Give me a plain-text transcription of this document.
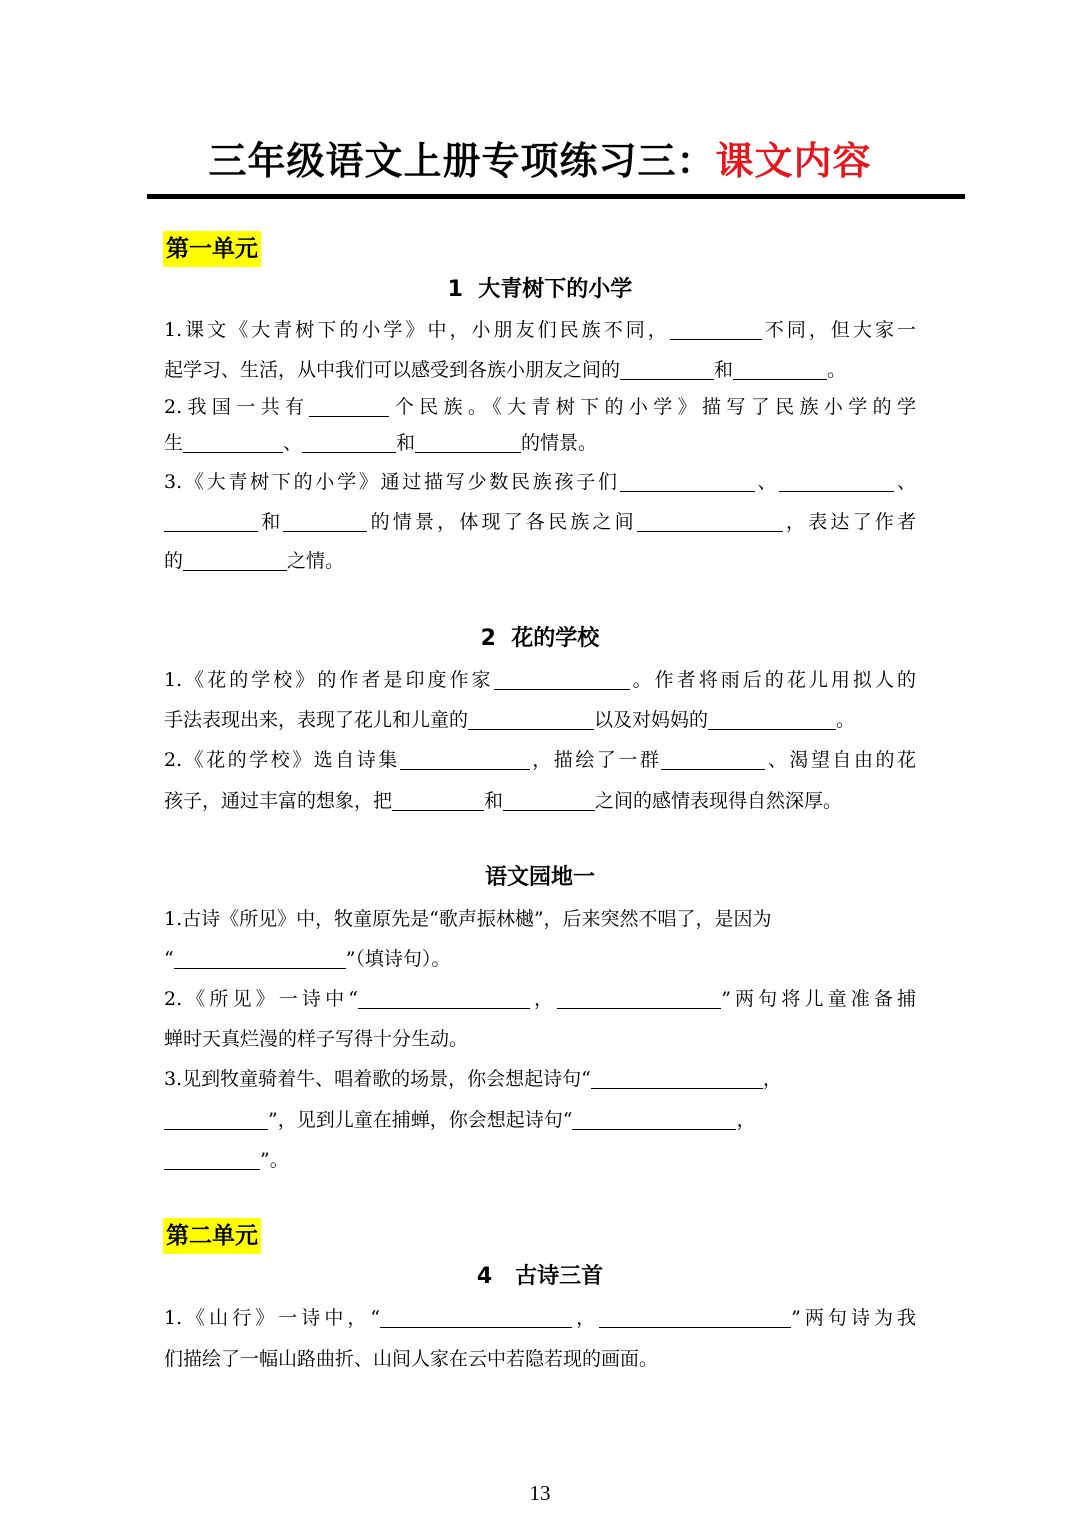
三年级语文上册专项练习三：课文内容
第一单元
1  大青树下的小学
1.课文《大青树下的小学》中，小朋友们民族不同，	不同，但大家一
起学习、生活，从中我们可以感受到各族小朋友之间的	和	。
2.我国一共有	个民族。《大青树下的小学》描写了民族小学的学
生	、	和	的情景。
3.《大青树下的小学》通过描写少数民族孩子们	、	、
和	的情景，体现了各民族之间	，表达了作者
的	之情。
2  花的学校
1.《花的学校》的作者是印度作家	。作者将雨后的花儿用拟人的
手法表现出来，表现了花儿和儿童的	以及对妈妈的	。
2.《花的学校》选自诗集	，描绘了一群	、渴望自由的花
孩子，通过丰富的想象，把	和	之间的感情表现得自然深厚。
语文园地一
1.古诗《所见》中，牧童原先是“歌声振林樾”，后来突然不唱了，是因为
“	”（填诗句）。
2.《所见》一诗中“	，	”两句将儿童准备捕
蝉时天真烂漫的样子写得十分生动。
3.见到牧童骑着牛、唱着歌的场景，你会想起诗句“	，
”，见到儿童在捕蝉，你会想起诗句“	，
”。
第二单元
4   古诗三首
1.《山行》一诗中，“	，	”两句诗为我
们描绘了一幅山路曲折、山间人家在云中若隐若现的画面。
13
